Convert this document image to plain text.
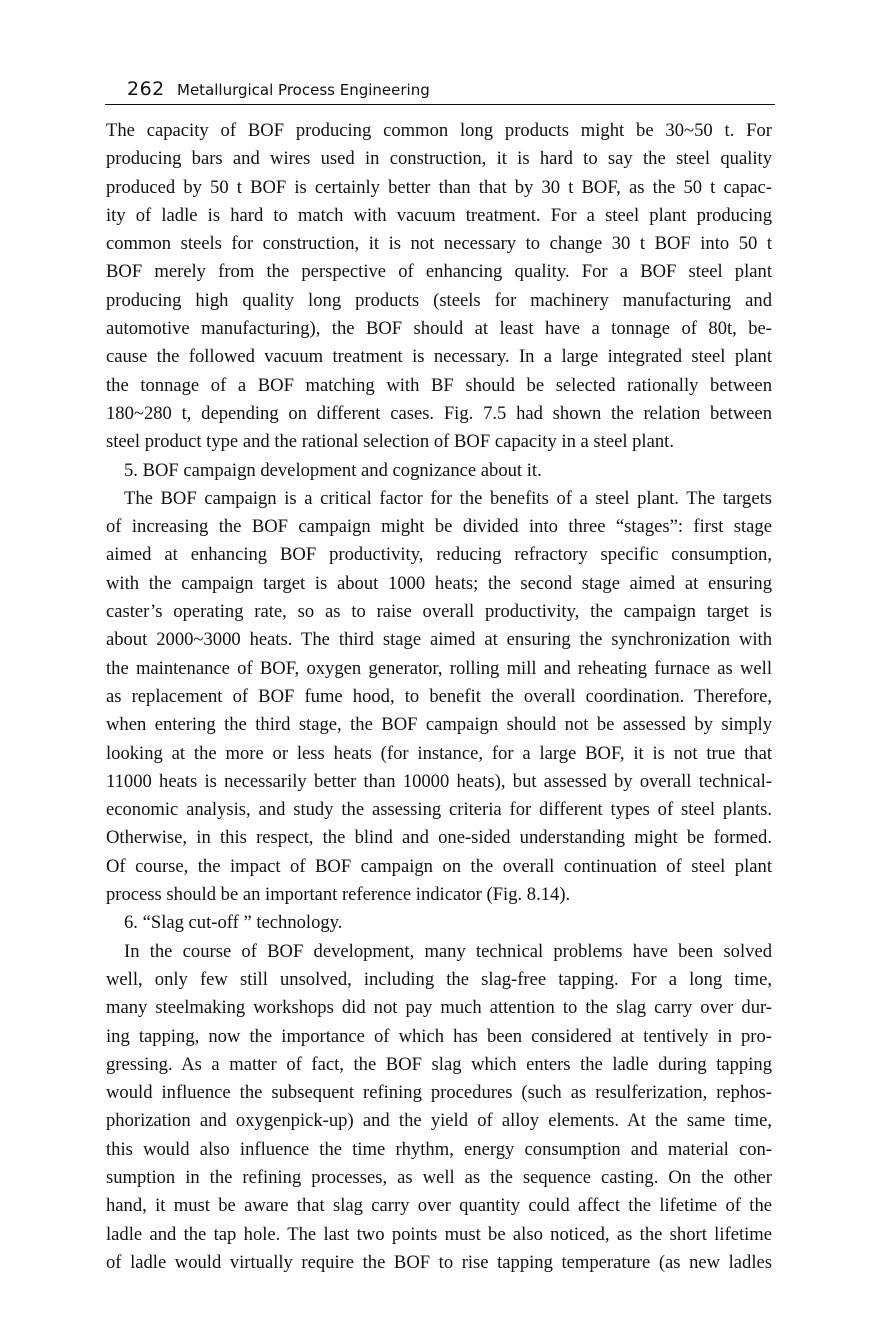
262 Metallurgical Process Engineering
The capacity of BOF producing common long products might be 30~50 t. For
producing bars and wires used in construction, it is hard to say the steel quality
produced by 50 t BOF is certainly better than that by 30 t BOF, as the 50 t capac-
ity of ladle is hard to match with vacuum treatment. For a steel plant producing
common steels for construction, it is not necessary to change 30 t BOF into 50 t
BOF merely from the perspective of enhancing quality. For a BOF steel plant
producing high quality long products (steels for machinery manufacturing and
automotive manufacturing), the BOF should at least have a tonnage of 80t, be-
cause the followed vacuum treatment is necessary. In a large integrated steel plant
the tonnage of a BOF matching with BF should be selected rationally between
180~280 t, depending on different cases. Fig. 7.5 had shown the relation between
steel product type and the rational selection of BOF capacity in a steel plant.
5. BOF campaign development and cognizance about it.
The BOF campaign is a critical factor for the benefits of a steel plant. The targets
of increasing the BOF campaign might be divided into three “stages”: first stage
aimed at enhancing BOF productivity, reducing refractory specific consumption,
with the campaign target is about 1000 heats; the second stage aimed at ensuring
caster’s operating rate, so as to raise overall productivity, the campaign target is
about 2000~3000 heats. The third stage aimed at ensuring the synchronization with
the maintenance of BOF, oxygen generator, rolling mill and reheating furnace as well
as replacement of BOF fume hood, to benefit the overall coordination. Therefore,
when entering the third stage, the BOF campaign should not be assessed by simply
looking at the more or less heats (for instance, for a large BOF, it is not true that
11000 heats is necessarily better than 10000 heats), but assessed by overall technical-
economic analysis, and study the assessing criteria for different types of steel plants.
Otherwise, in this respect, the blind and one-sided understanding might be formed.
Of course, the impact of BOF campaign on the overall continuation of steel plant
process should be an important reference indicator (Fig. 8.14).
6. “Slag cut-off ” technology.
In the course of BOF development, many technical problems have been solved
well, only few still unsolved, including the slag-free tapping. For a long time,
many steelmaking workshops did not pay much attention to the slag carry over dur-
ing tapping, now the importance of which has been considered at tentively in pro-
gressing. As a matter of fact, the BOF slag which enters the ladle during tapping
would influence the subsequent refining procedures (such as resulferization, rephos-
phorization and oxygenpick-up) and the yield of alloy elements. At the same time,
this would also influence the time rhythm, energy consumption and material con-
sumption in the refining processes, as well as the sequence casting. On the other
hand, it must be aware that slag carry over quantity could affect the lifetime of the
ladle and the tap hole. The last two points must be also noticed, as the short lifetime
of ladle would virtually require the BOF to rise tapping temperature (as new ladles
